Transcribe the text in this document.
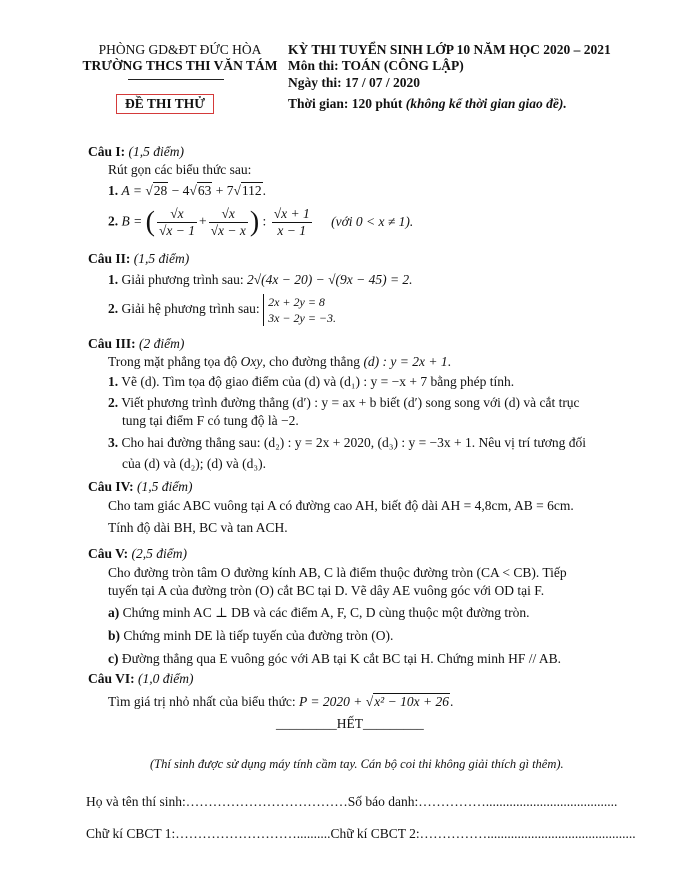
PHÒNG GD&ĐT ĐỨC HÒA
TRƯỜNG THCS THI VĂN TÁM
ĐỀ THI THỬ
KỲ THI TUYỂN SINH LỚP 10 NĂM HỌC 2020 – 2021
Môn thi: TOÁN (CÔNG LẬP)
Ngày thi: 17 / 07 / 2020
Thời gian: 120 phút (không kể thời gian giao đề).
Câu I: (1,5 điểm)
Rút gọn các biểu thức sau:
1. A = √28 − 4√63 + 7√112.
2. B = ( $\frac{√x}{√x - 1} + \frac{√x}{√x - x}$ ) : $\frac{√x + 1}{x - 1}$ (với 0 < x ≠ 1).
Câu II: (1,5 điểm)
1. Giải phương trình sau: 2√(4x − 20) − √(9x − 45) = 2.
2. Giải hệ phương trình sau: 2x + 2y = 8
3x − 2y = −3.
Câu III: (2 điểm)
Trong mặt phẳng tọa độ Oxy, cho đường thẳng (d) : y = 2x + 1.
1. Vẽ (d). Tìm tọa độ giao điểm của (d) và (d₁) : y = −x + 7 bằng phép tính.
2. Viết phương trình đường thẳng (d′) : y = ax + b biết (d′) song song với (d) và cắt trục
tung tại điểm F có tung độ là −2.
3. Cho hai đường thẳng sau: (d₂) : y = 2x + 2020, (d₃) : y = −3x + 1. Nêu vị trí tương đối
của (d) và (d₂); (d) và (d₃).
Câu IV: (1,5 điểm)
Cho tam giác ABC vuông tại A có đường cao AH, biết độ dài AH = 4,8cm, AB = 6cm.
Tính độ dài BH, BC và tan ACH.
Câu V: (2,5 điểm)
Cho đường tròn tâm O đường kính AB, C là điểm thuộc đường tròn (CA < CB). Tiếp
tuyến tại A của đường tròn (O) cắt BC tại D. Vẽ dây AE vuông góc với OD tại F.
a) Chứng minh AC ⊥ DB và các điểm A, F, C, D cùng thuộc một đường tròn.
b) Chứng minh DE là tiếp tuyến của đường tròn (O).
c) Đường thẳng qua E vuông góc với AB tại K cắt BC tại H. Chứng minh HF // AB.
Câu VI: (1,0 điểm)
Tìm giá trị nhỏ nhất của biểu thức: P = 2020 + √x² − 10x + 26.
_________HẾT_________
(Thí sinh được sử dụng máy tính cầm tay. Cán bộ coi thi không giải thích gì thêm).
Họ và tên thí sinh:………………………………Số báo danh:…………….......................................
Chữ kí CBCT 1:………………………..........Chữ kí CBCT 2:……………............................................
